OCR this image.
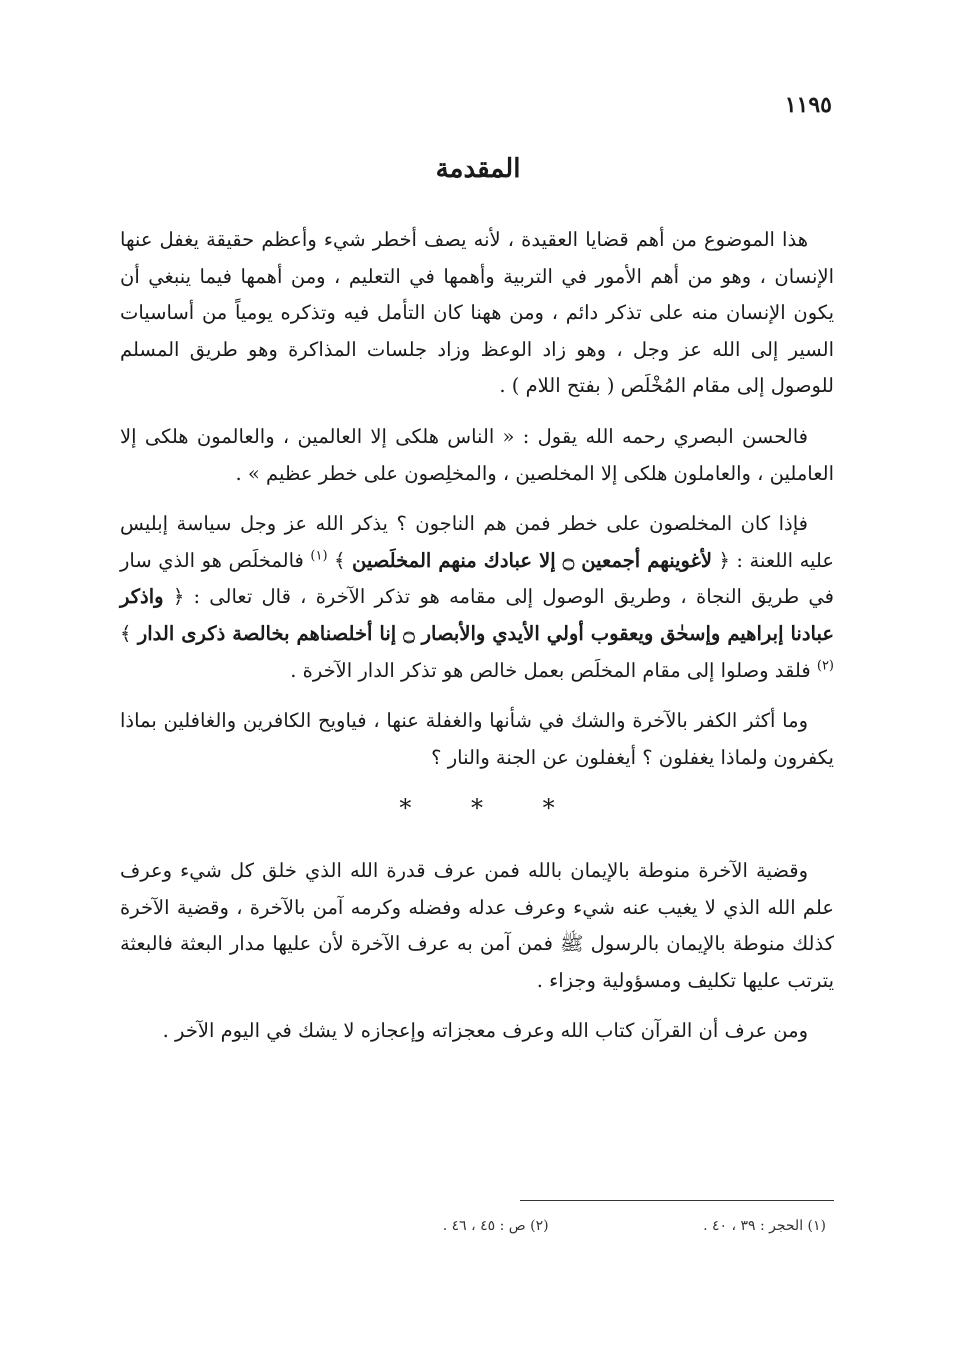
١١٩٥
المقدمة

هذا الموضوع من أهم قضايا العقيدة ، لأنه يصف أخطر شيء وأعظم حقيقة يغفل عنها الإنسان ، وهو من أهم الأمور في التربية وأهمها في التعليم ، ومن أهمها فيما ينبغي أن يكون الإنسان منه على تذكر دائم ، ومن ههنا كان التأمل فيه وتذكره يومياً من أساسيات السير إلى الله عز وجل ، وهو زاد الوعظ وزاد جلسات المذاكرة وهو طريق المسلم للوصول إلى مقام المُخْلَص ( بفتح اللام ) .

فالحسن البصري رحمه الله يقول : « الناس هلكى إلا العالمين ، والعالمون هلكى إلا العاملين ، والعاملون هلكى إلا المخلصين ، والمخلِصون على خطر عظيم » .

فإذا كان المخلصون على خطر فمن هم الناجون ؟ يذكر الله عز وجل سياسة إبليس عليه اللعنة : ﴿ لأغوينهم أجمعين ۝ إلا عبادك منهم المخلَصين ﴾ $^{(١)}$ فالمخلَص هو الذي سار في طريق النجاة ، وطريق الوصول إلى مقامه هو تذكر الآخرة ، قال تعالى : ﴿ واذكر عبادنا إبراهيم وإسحٰق ويعقوب أولي الأيدي والأبصار ۝ إنا أخلصناهم بخالصة ذكرى الدار ﴾ $^{(٢)}$ فلقد وصلوا إلى مقام المخلَص بعمل خالص هو تذكر الدار الآخرة .

وما أكثر الكفر بالآخرة والشك في شأنها والغفلة عنها ، فياويح الكافرين والغافلين بماذا يكفرون ولماذا يغفلون ؟ أيغفلون عن الجنة والنار ؟

* * *

وقضية الآخرة منوطة بالإيمان بالله فمن عرف قدرة الله الذي خلق كل شيء وعرف علم الله الذي لا يغيب عنه شيء وعرف عدله وفضله وكرمه آمن بالآخرة ، وقضية الآخرة كذلك منوطة بالإيمان بالرسول ﷺ فمن آمن به عرف الآخرة لأن عليها مدار البعثة فالبعثة يترتب عليها تكليف ومسؤولية وجزاء .

ومن عرف أن القرآن كتاب الله وعرف معجزاته وإعجازه لا يشك في اليوم الآخر .

(١) الحجر : ٣٩ ، ٤٠ . (٢) ص : ٤٥ ، ٤٦ .
